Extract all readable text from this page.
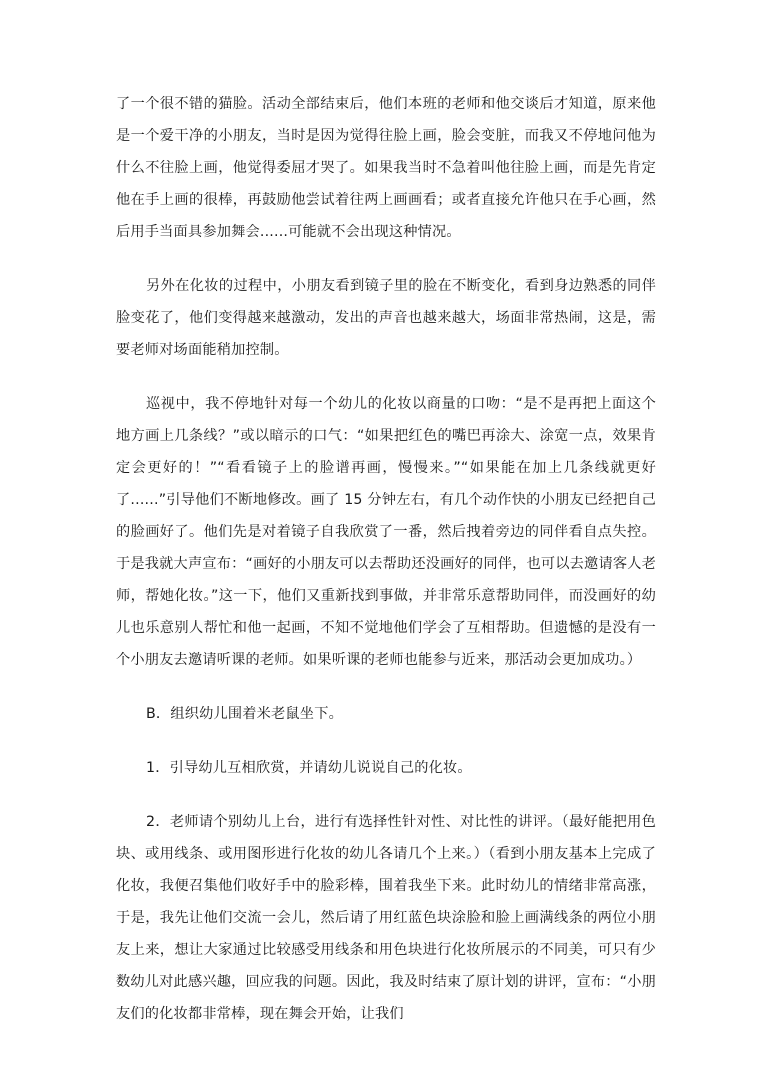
了一个很不错的猫脸。活动全部结束后，他们本班的老师和他交谈后才知道，原来他是一个爱干净的小朋友，当时是因为觉得往脸上画，脸会变脏，而我又不停地问他为什么不往脸上画，他觉得委屈才哭了。如果我当时不急着叫他往脸上画，而是先肯定他在手上画的很棒，再鼓励他尝试着往两上画画看；或者直接允许他只在手心画，然后用手当面具参加舞会......可能就不会出现这种情况。

另外在化妆的过程中，小朋友看到镜子里的脸在不断变化，看到身边熟悉的同伴脸变花了，他们变得越来越激动，发出的声音也越来越大，场面非常热闹，这是，需要老师对场面能稍加控制。

巡视中，我不停地针对每一个幼儿的化妆以商量的口吻：“是不是再把上面这个地方画上几条线？”或以暗示的口气：“如果把红色的嘴巴再涂大、涂宽一点，效果肯定会更好的！”“看看镜子上的脸谱再画，慢慢来。”“如果能在加上几条线就更好了......”引导他们不断地修改。画了 15 分钟左右，有几个动作快的小朋友已经把自己的脸画好了。他们先是对着镜子自我欣赏了一番，然后拽着旁边的同伴看自点失控。于是我就大声宣布：“画好的小朋友可以去帮助还没画好的同伴，也可以去邀请客人老师，帮她化妆。”这一下，他们又重新找到事做，并非常乐意帮助同伴，而没画好的幼儿也乐意别人帮忙和他一起画，不知不觉地他们学会了互相帮助。但遗憾的是没有一个小朋友去邀请听课的老师。如果听课的老师也能参与近来，那活动会更加成功。）

B．组织幼儿围着米老鼠坐下。

1．引导幼儿互相欣赏，并请幼儿说说自己的化妆。

2．老师请个别幼儿上台，进行有选择性针对性、对比性的讲评。（最好能把用色块、或用线条、或用图形进行化妆的幼儿各请几个上来。）（看到小朋友基本上完成了化妆，我便召集他们收好手中的脸彩棒，围着我坐下来。此时幼儿的情绪非常高涨，于是，我先让他们交流一会儿，然后请了用红蓝色块涂脸和脸上画满线条的两位小朋友上来，想让大家通过比较感受用线条和用色块进行化妆所展示的不同美，可只有少数幼儿对此感兴趣，回应我的问题。因此，我及时结束了原计划的讲评，宣布：“小朋友们的化妆都非常棒，现在舞会开始，让我们
